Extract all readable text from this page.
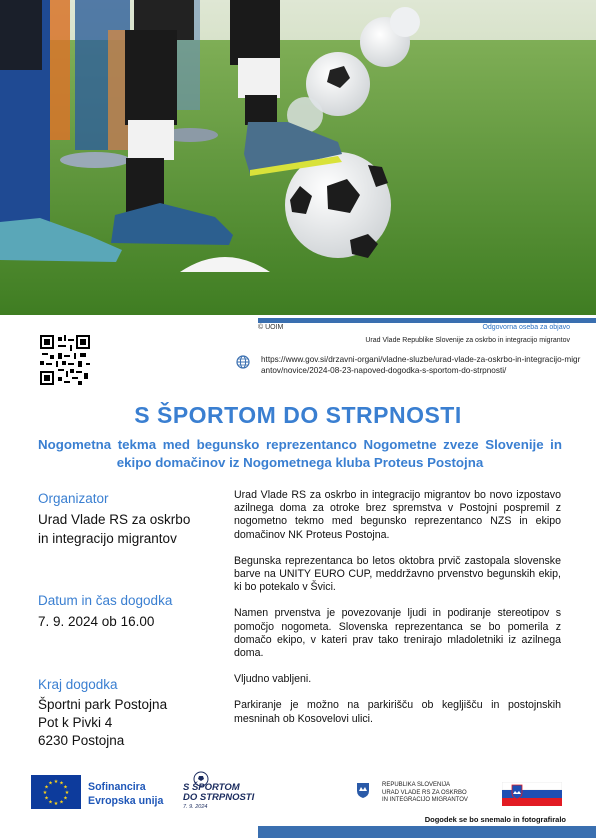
© UOIM	Odgovorna oseba za objavo
Urad Vlade Republike Slovenije za oskrbo in integracijo migrantov
https://www.gov.si/drzavni-organi/vladne-sluzbe/urad-vlade-za-oskrbo-in-integracijo-migrantov/novice/2024-08-23-napoved-dogodka-s-sportom-do-strpnosti/
S ŠPORTOM DO STRPNOSTI
Nogometna tekma med begunsko reprezentanco Nogometne zveze Slovenije in ekipo domačinov iz Nogometnega kluba Proteus Postojna
Organizator
Urad Vlade RS za oskrbo
in integracijo migrantov
Datum in čas dogodka
7. 9. 2024 ob 16.00
Kraj dogodka
Športni park Postojna
Pot k Pivki 4
6230 Postojna

Urad Vlade RS za oskrbo in integracijo migrantov bo novo izpostavo azilnega doma za otroke brez spremstva v Postojni pospremil z nogometno tekmo med begunsko reprezentanco NZS in ekipo domačinov NK Proteus Postojna.

Begunska reprezentanca bo letos oktobra prvič zastopala slovenske barve na UNITY EURO CUP, meddržavno prvenstvo begunskih ekip, ki bo potekalo v Švici.

Namen prvenstva je povezovanje ljudi in podiranje stereotipov s pomočjo nogometa. Slovenska reprezentanca se bo pomerila z domačo ekipo, v kateri prav tako trenirajo mladoletniki iz azilnega doma.

Vljudno vabljeni.

Parkiranje je možno na parkirišču ob kegljišču in postojnskih mesninah ob Kosovelovi ulici.

★ ★
★
★
★
★
★
★
★
★
★
★	Sofinancira
Evropska unija
S ŠPORTOM
DO STRPNOSTI
7. 9. 2024
REPUBLIKA SLOVENIJA
URAD VLADE RS ZA OSKRBO
IN INTEGRACIJO MIGRANTOV
Dogodek se bo snemalo in fotografiralo
